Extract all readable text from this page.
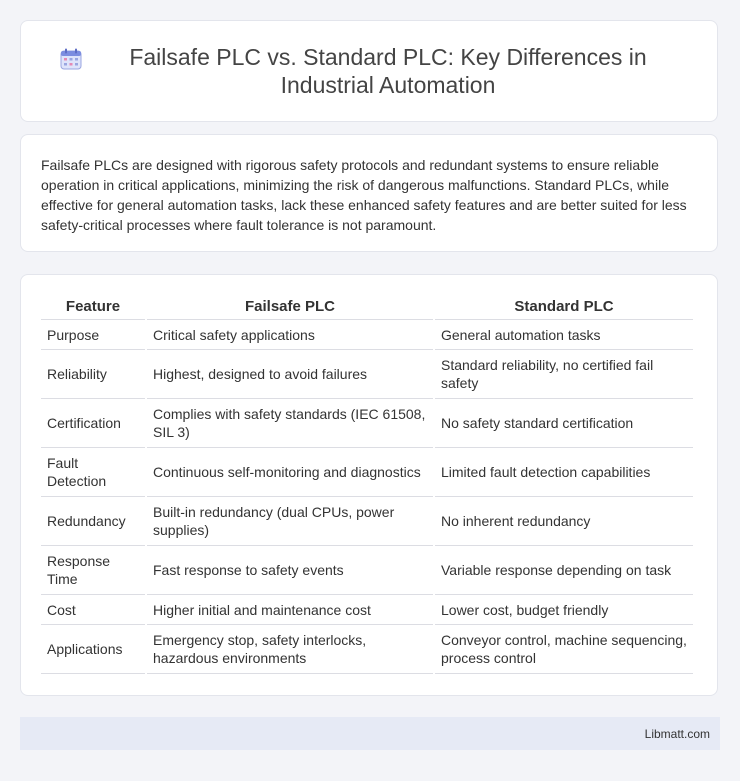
Failsafe PLC vs. Standard PLC: Key Differences in Industrial Automation

Failsafe PLCs are designed with rigorous safety protocols and redundant systems to ensure reliable operation in critical applications, minimizing the risk of dangerous malfunctions. Standard PLCs, while effective for general automation tasks, lack these enhanced safety features and are better suited for less safety-critical processes where fault tolerance is not paramount.

Feature	Failsafe PLC	Standard PLC
Purpose	Critical safety applications	General automation tasks
Reliability	Highest, designed to avoid failures	Standard reliability, no certified fail safety
Certification	Complies with safety standards (IEC 61508, SIL 3)	No safety standard certification
Fault Detection	Continuous self-monitoring and diagnostics	Limited fault detection capabilities
Redundancy	Built-in redundancy (dual CPUs, power supplies)	No inherent redundancy
Response Time	Fast response to safety events	Variable response depending on task
Cost	Higher initial and maintenance cost	Lower cost, budget friendly
Applications	Emergency stop, safety interlocks, hazardous environments	Conveyor control, machine sequencing, process control
Libmatt.com
